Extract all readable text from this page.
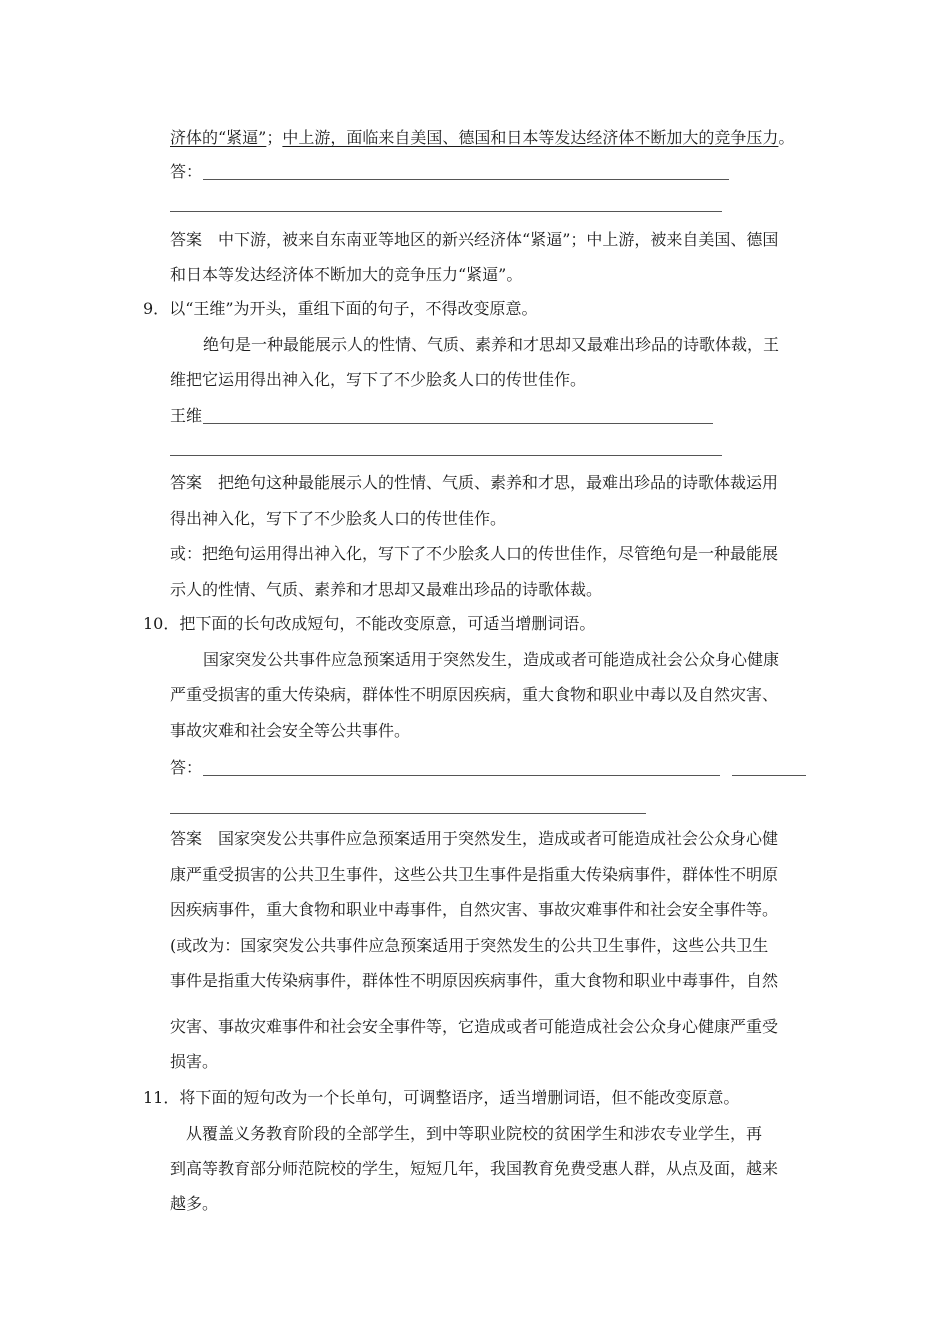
济体的“紧逼”；中上游，面临来自美国、德国和日本等发达经济体不断加大的竞争压力。
答：
答案　 中下游，被来自东南亚等地区的新兴经济体“紧逼”；中上游，被来自美国、德国
和日本等发达经济体不断加大的竞争压力“紧逼”。
9．以“王维”为开头，重组下面的句子，不得改变原意。
绝句是一种最能展示人的性情、气质、素养和才思却又最难出珍品的诗歌体裁，王
维把它运用得出神入化，写下了不少脍炙人口的传世佳作。
王维
答案　 把绝句这种最能展示人的性情、气质、素养和才思，最难出珍品的诗歌体裁运用
得出神入化，写下了不少脍炙人口的传世佳作。
或：把绝句运用得出神入化，写下了不少脍炙人口的传世佳作，尽管绝句是一种最能展
示人的性情、气质、素养和才思却又最难出珍品的诗歌体裁。
10．把下面的长句改成短句，不能改变原意，可适当增删词语。
国家突发公共事件应急预案适用于突然发生，造成或者可能造成社会公众身心健康
严重受损害的重大传染病，群体性不明原因疾病，重大食物和职业中毒以及自然灾害、
事故灾难和社会安全等公共事件。
答：
答案　 国家突发公共事件应急预案适用于突然发生，造成或者可能造成社会公众身心健
康严重受损害的公共卫生事件，这些公共卫生事件是指重大传染病事件，群体性不明原
因疾病事件，重大食物和职业中毒事件，自然灾害、事故灾难事件和社会安全事件等。
(或改为：国家突发公共事件应急预案适用于突然发生的公共卫生事件，这些公共卫生
事件是指重大传染病事件，群体性不明原因疾病事件，重大食物和职业中毒事件，自然
灾害、事故灾难事件和社会安全事件等，它造成或者可能造成社会公众身心健康严重受
损害。
11．将下面的短句改为一个长单句，可调整语序，适当增删词语，但不能改变原意。
从覆盖义务教育阶段的全部学生，到中等职业院校的贫困学生和涉农专业学生，再
到高等教育部分师范院校的学生，短短几年，我国教育免费受惠人群，从点及面，越来
越多。
